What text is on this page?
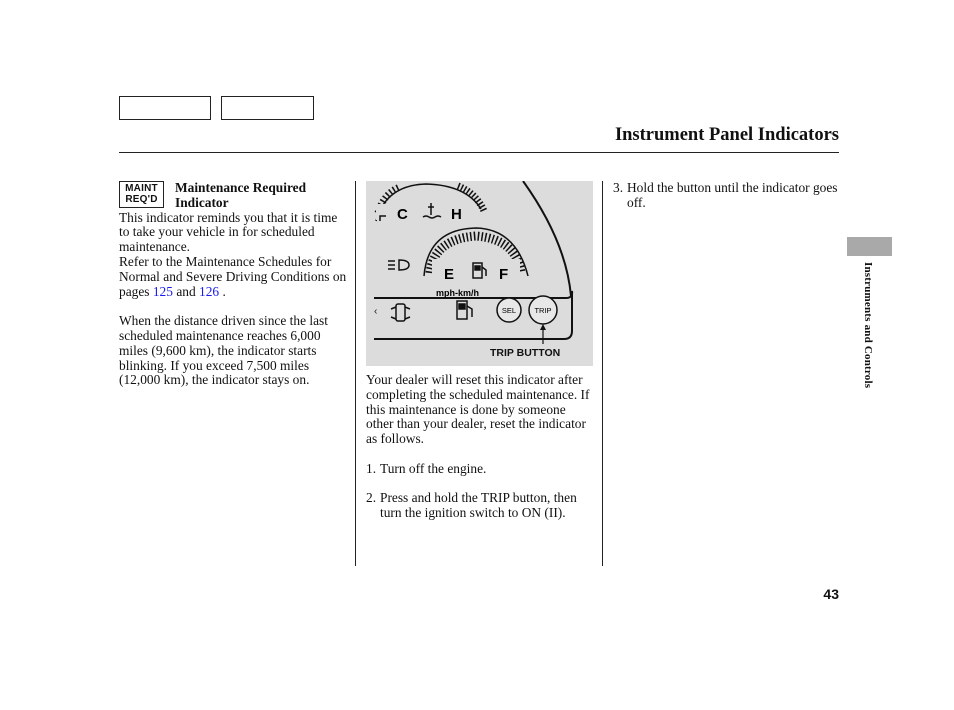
Instrument Panel Indicators
MAINT
REQ'D
Maintenance Required
Indicator

This indicator reminds you that it is time to take your vehicle in for scheduled maintenance.

Refer to the Maintenance Schedules for Normal and Severe Driving Conditions on pages 125 and 126 .

When the distance driven since the last scheduled maintenance reaches 6,000 miles (9,600 km), the indicator starts blinking. If you exceed 7,500 miles (12,000 km), the indicator stays on.

C	H
E	F
mph-km/h
‹	SEL TRIP
TRIP BUTTON

Your dealer will reset this indicator after completing the scheduled maintenance. If this maintenance is done by someone other than your dealer, reset the indicator as follows.

1. Turn off the engine.
2. Press and hold the TRIP button, then turn the ignition switch to ON (II).
3. Hold the button until the indicator goes off.
Instruments and Controls
43
